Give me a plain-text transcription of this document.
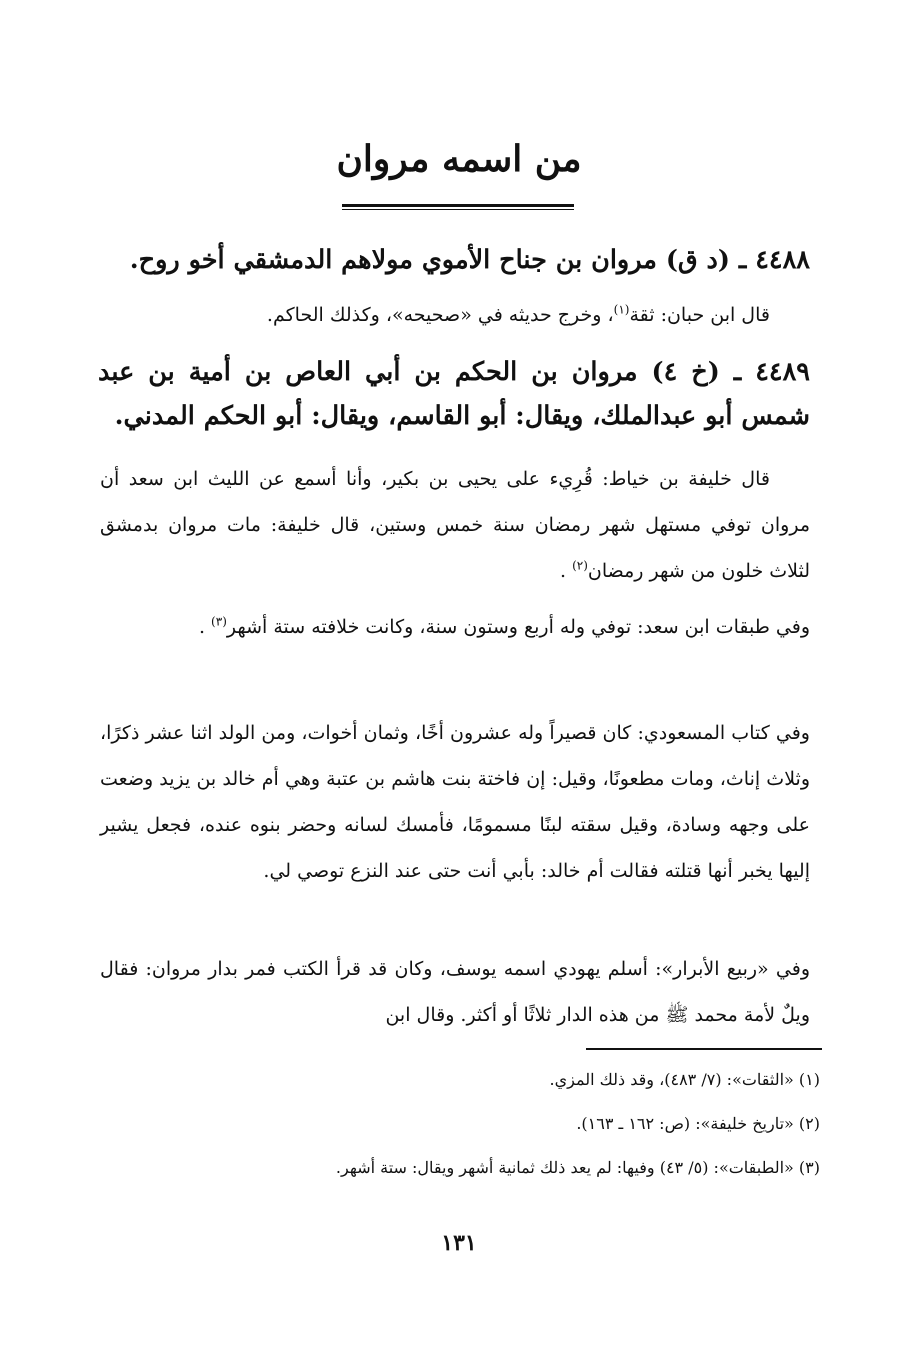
من اسمه مروان

٤٤٨٨ ـ (د ق) مروان بن جناح الأموي مولاهم الدمشقي أخو روح.

قال ابن حبان: ثقة$^{(١)}$، وخرج حديثه في «صحيحه»، وكذلك الحاكم.

٤٤٨٩ ـ (خ ٤) مروان بن الحكم بن أبي العاص بن أمية بن عبد شمس أبو عبدالملك، ويقال: أبو القاسم، ويقال: أبو الحكم المدني.

قال خليفة بن خياط: قُرِيء على يحيى بن بكير، وأنا أسمع عن الليث ابن سعد أن مروان توفي مستهل شهر رمضان سنة خمس وستين، قال خليفة: مات مروان بدمشق لثلاث خلون من شهر رمضان$^{(٢)}$ .

وفي طبقات ابن سعد: توفي وله أربع وستون سنة، وكانت خلافته ستة أشهر$^{(٣)}$ .

وفي كتاب المسعودي: كان قصيراً وله عشرون أخًا، وثمان أخوات، ومن الولد اثنا عشر ذكرًا، وثلاث إناث، ومات مطعونًا، وقيل: إن فاختة بنت هاشم بن عتبة وهي أم خالد بن يزيد وضعت على وجهه وسادة، وقيل سقته لبنًا مسمومًا، فأمسك لسانه وحضر بنوه عنده، فجعل يشير إليها يخبر أنها قتلته فقالت أم خالد: بأبي أنت حتى عند النزع توصي لي.

وفي «ربيع الأبرار»: أسلم يهودي اسمه يوسف، وكان قد قرأ الكتب فمر بدار مروان: فقال ويلٌ لأمة محمد ﷺ من هذه الدار ثلاثًا أو أكثر. وقال ابن

(١) «الثقات»: (٧/ ٤٨٣)، وقد ذلك المزي.

(٢) «تاريخ خليفة»: (ص: ١٦٢ ـ ١٦٣).

(٣) «الطبقات»: (٥/ ٤٣) وفيها: لم يعد ذلك ثمانية أشهر ويقال: ستة أشهر.

١٣١
